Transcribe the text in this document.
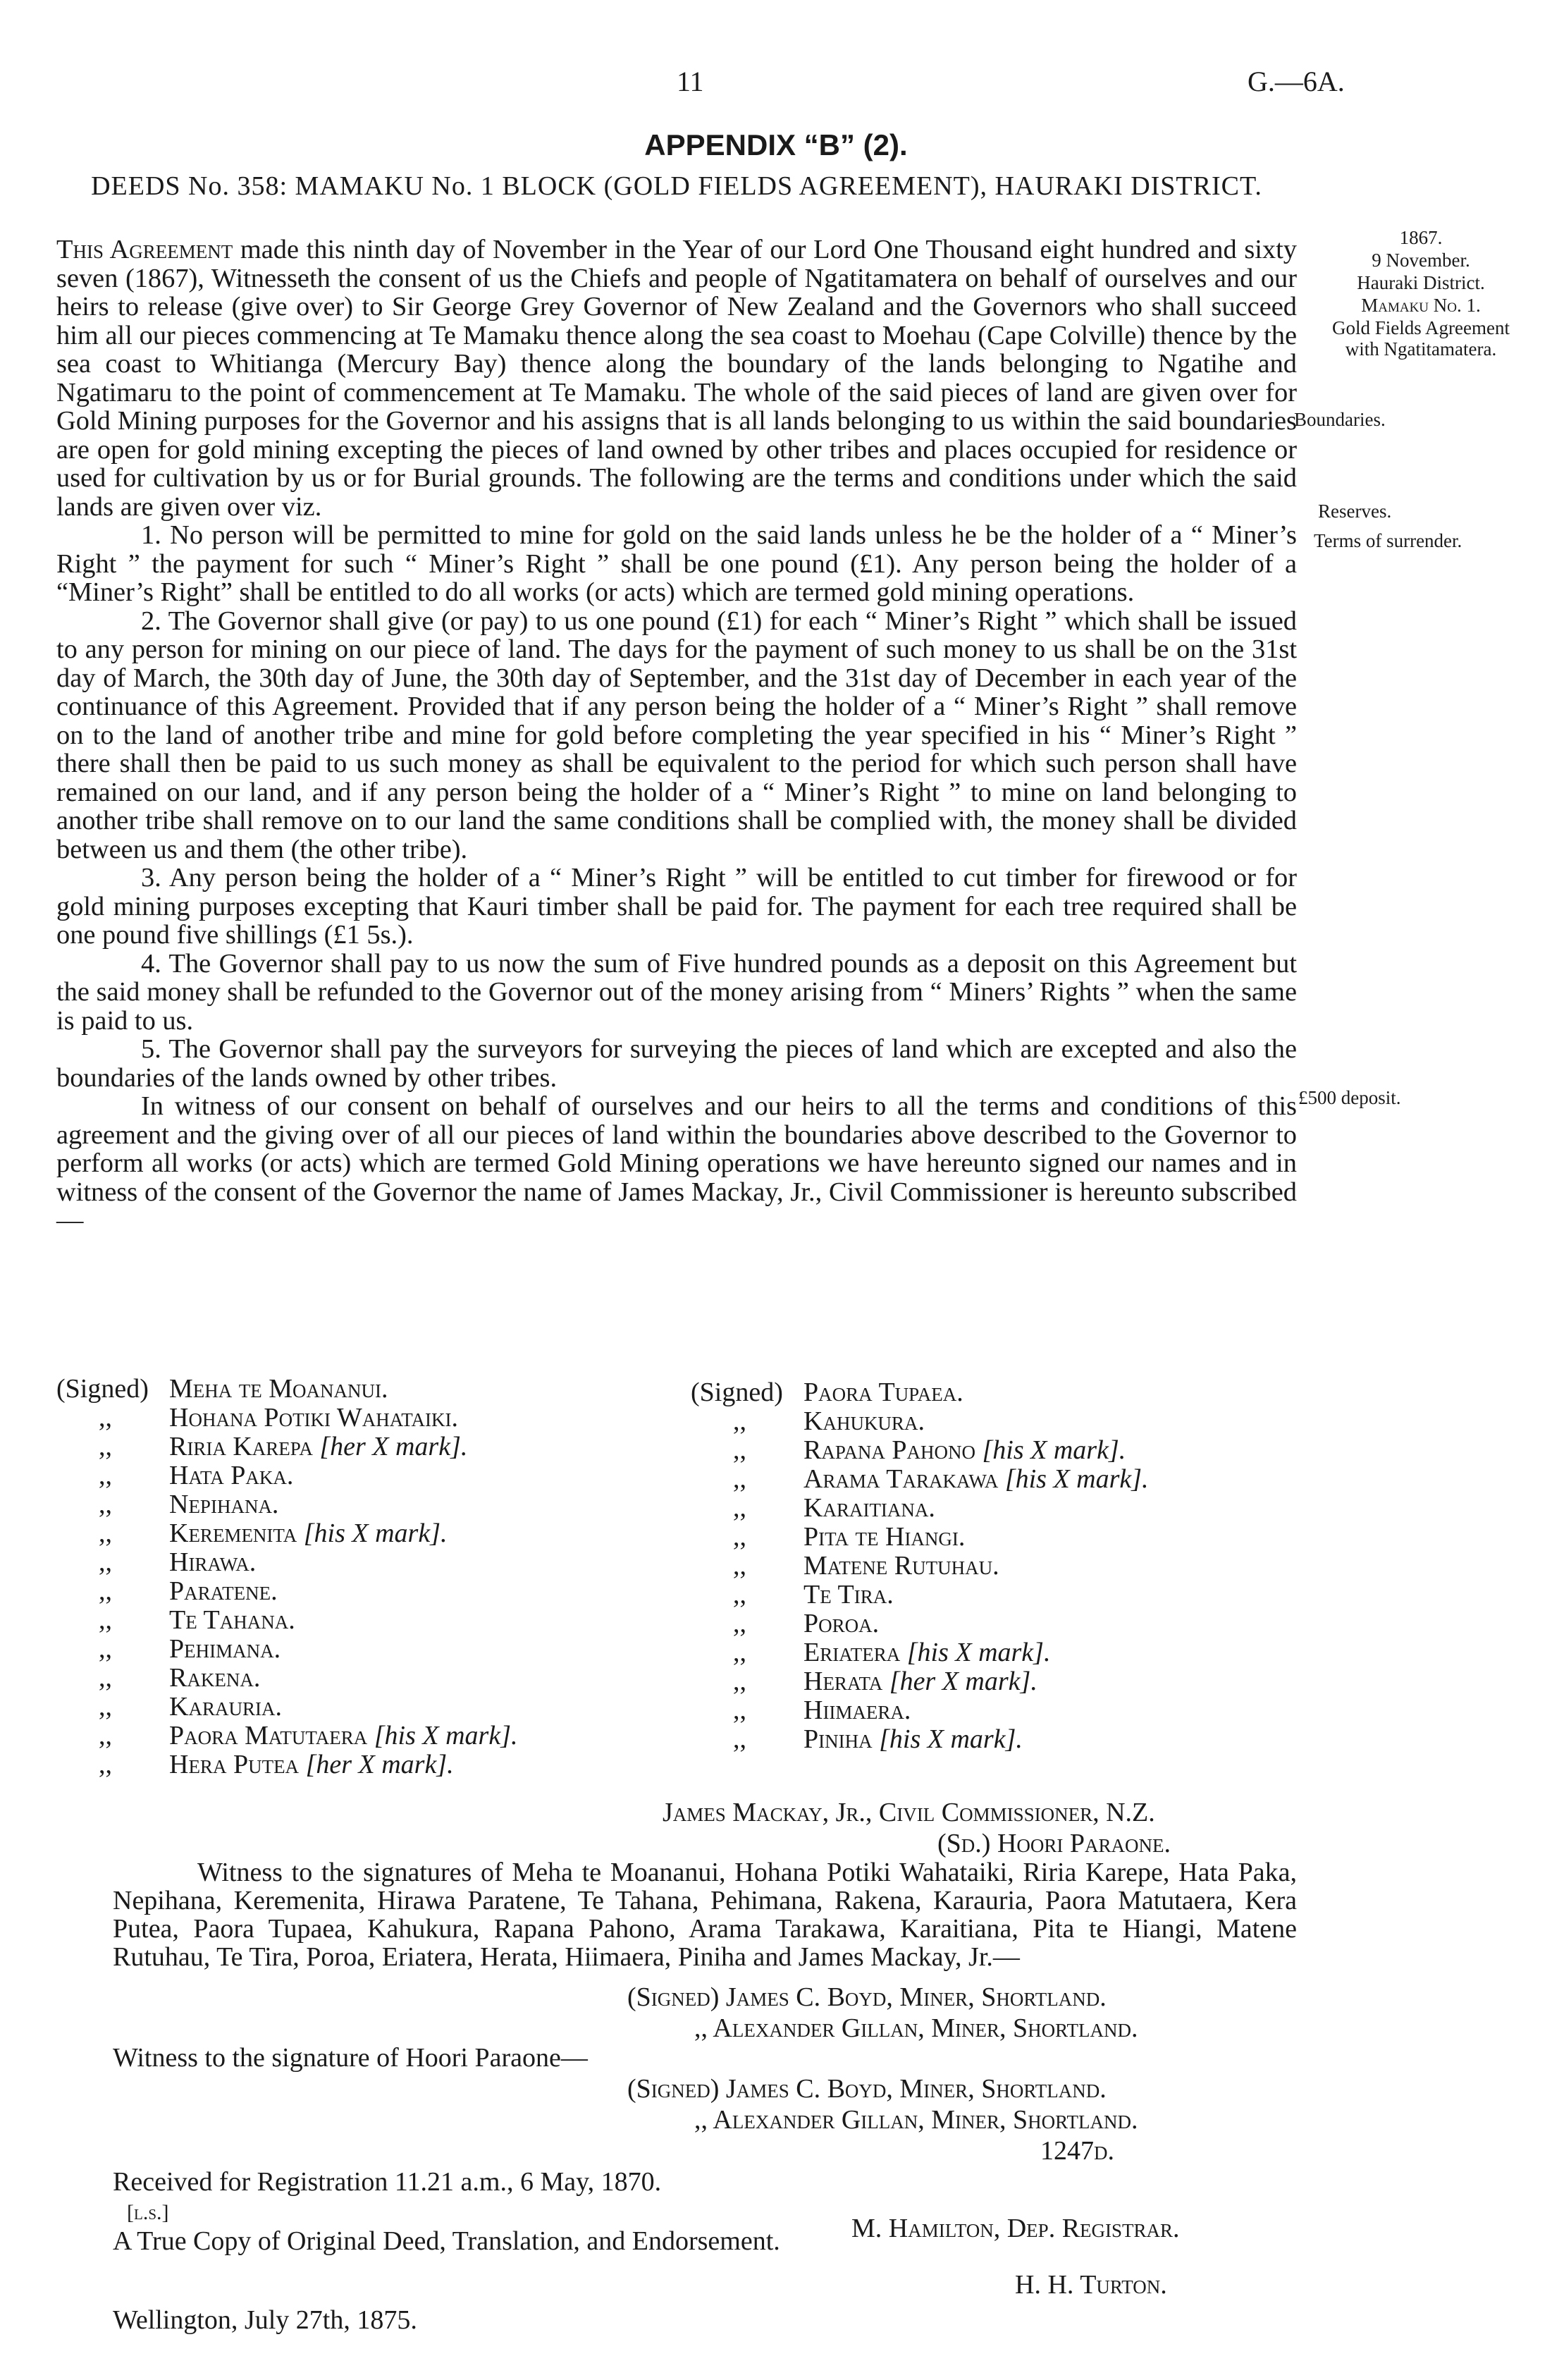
11	G.—6A.
APPENDIX “B” (2).
DEEDS No. 358: MAMAKU No. 1 BLOCK (GOLD FIELDS AGREEMENT), HAURAKI DISTRICT.
1867.
9 November.
Hauraki District.
Mamaku No. 1.
Gold Fields Agreement with Ngatitamatera.
Boundaries.
Reserves.
Terms of surrender.
£500 deposit.

This Agreement made this ninth day of November in the Year of our Lord One Thousand eight hundred and sixty seven (1867), Witnesseth the consent of us the Chiefs and people of Ngatitamatera on behalf of ourselves and our heirs to release (give over) to Sir George Grey Governor of New Zealand and the Governors who shall succeed him all our pieces commencing at Te Mamaku thence along the sea coast to Moehau (Cape Colville) thence by the sea coast to Whitianga (Mercury Bay) thence along the boundary of the lands belonging to Ngatihe and Ngatimaru to the point of commencement at Te Mamaku. The whole of the said pieces of land are given over for Gold Mining purposes for the Governor and his assigns that is all lands belonging to us within the said boundaries are open for gold mining excepting the pieces of land owned by other tribes and places occupied for residence or used for cultivation by us or for Burial grounds. The following are the terms and conditions under which the said lands are given over viz.

1. No person will be permitted to mine for gold on the said lands unless he be the holder of a “ Miner’s Right ” the payment for such “ Miner’s Right ” shall be one pound (£1). Any person being the holder of a “Miner’s Right” shall be entitled to do all works (or acts) which are termed gold mining operations.

2. The Governor shall give (or pay) to us one pound (£1) for each “ Miner’s Right ” which shall be issued to any person for mining on our piece of land. The days for the payment of such money to us shall be on the 31st day of March, the 30th day of June, the 30th day of September, and the 31st day of December in each year of the continuance of this Agreement. Provided that if any person being the holder of a “ Miner’s Right ” shall remove on to the land of another tribe and mine for gold before completing the year specified in his “ Miner’s Right ” there shall then be paid to us such money as shall be equivalent to the period for which such person shall have remained on our land, and if any person being the holder of a “ Miner’s Right ” to mine on land belonging to another tribe shall remove on to our land the same conditions shall be complied with, the money shall be divided between us and them (the other tribe).

3. Any person being the holder of a “ Miner’s Right ” will be entitled to cut timber for firewood or for gold mining purposes excepting that Kauri timber shall be paid for. The payment for each tree required shall be one pound five shillings (£1 5s.).

4. The Governor shall pay to us now the sum of Five hundred pounds as a deposit on this Agreement but the said money shall be refunded to the Governor out of the money arising from “ Miners’ Rights ” when the same is paid to us.

5. The Governor shall pay the surveyors for surveying the pieces of land which are excepted and also the boundaries of the lands owned by other tribes.

In witness of our consent on behalf of ourselves and our heirs to all the terms and conditions of this agreement and the giving over of all our pieces of land within the boundaries above described to the Governor to perform all works (or acts) which are termed Gold Mining operations we have hereunto signed our names and in witness of the consent of the Governor the name of James Mackay, Jr., Civil Commissioner is hereunto subscribed—

(Signed) Meha te Moananui.
,, Hohana Potiki Wahataiki.
,, Riria Karepa [her X mark].
,, Hata Paka.
,, Nepihana.
,, Keremenita [his X mark].
,, Hirawa.
,, Paratene.
,, Te Tahana.
,, Pehimana.
,, Rakena.
,, Karauria.
,, Paora Matutaera [his X mark].
,, Hera Putea [her X mark].
(Signed) Paora Tupaea.
,, Kahukura.
,, Rapana Pahono [his X mark].
,, Arama Tarakawa [his X mark].
,, Karaitiana.
,, Pita te Hiangi.
,, Matene Rutuhau.
,, Te Tira.
,, Poroa.
,, Eriatera [his X mark].
,, Herata [her X mark].
,, Hiimaera.
,, Piniha [his X mark].
James Mackay, Jr., Civil Commissioner, N.Z.
(Sd.) Hoori Paraone.
Witness to the signatures of Meha te Moananui, Hohana Potiki Wahataiki, Riria Karepe, Hata Paka, Nepihana, Keremenita, Hirawa Paratene, Te Tahana, Pehimana, Rakena, Karauria, Paora Matutaera, Kera Putea, Paora Tupaea, Kahukura, Rapana Pahono, Arama Tarakawa, Karaitiana, Pita te Hiangi, Matene Rutuhau, Te Tira, Poroa, Eriatera, Herata, Hiimaera, Piniha and James Mackay, Jr.—
(Signed) James C. Boyd, Miner, Shortland.
,, Alexander Gillan, Miner, Shortland.
Witness to the signature of Hoori Paraone—
(Signed) James C. Boyd, Miner, Shortland.
,, Alexander Gillan, Miner, Shortland.
1247d.
Received for Registration 11.21 a.m., 6 May, 1870.
[l.s.]
M. Hamilton, Dep. Registrar.
A True Copy of Original Deed, Translation, and Endorsement.
H. H. Turton.
Wellington, July 27th, 1875.
